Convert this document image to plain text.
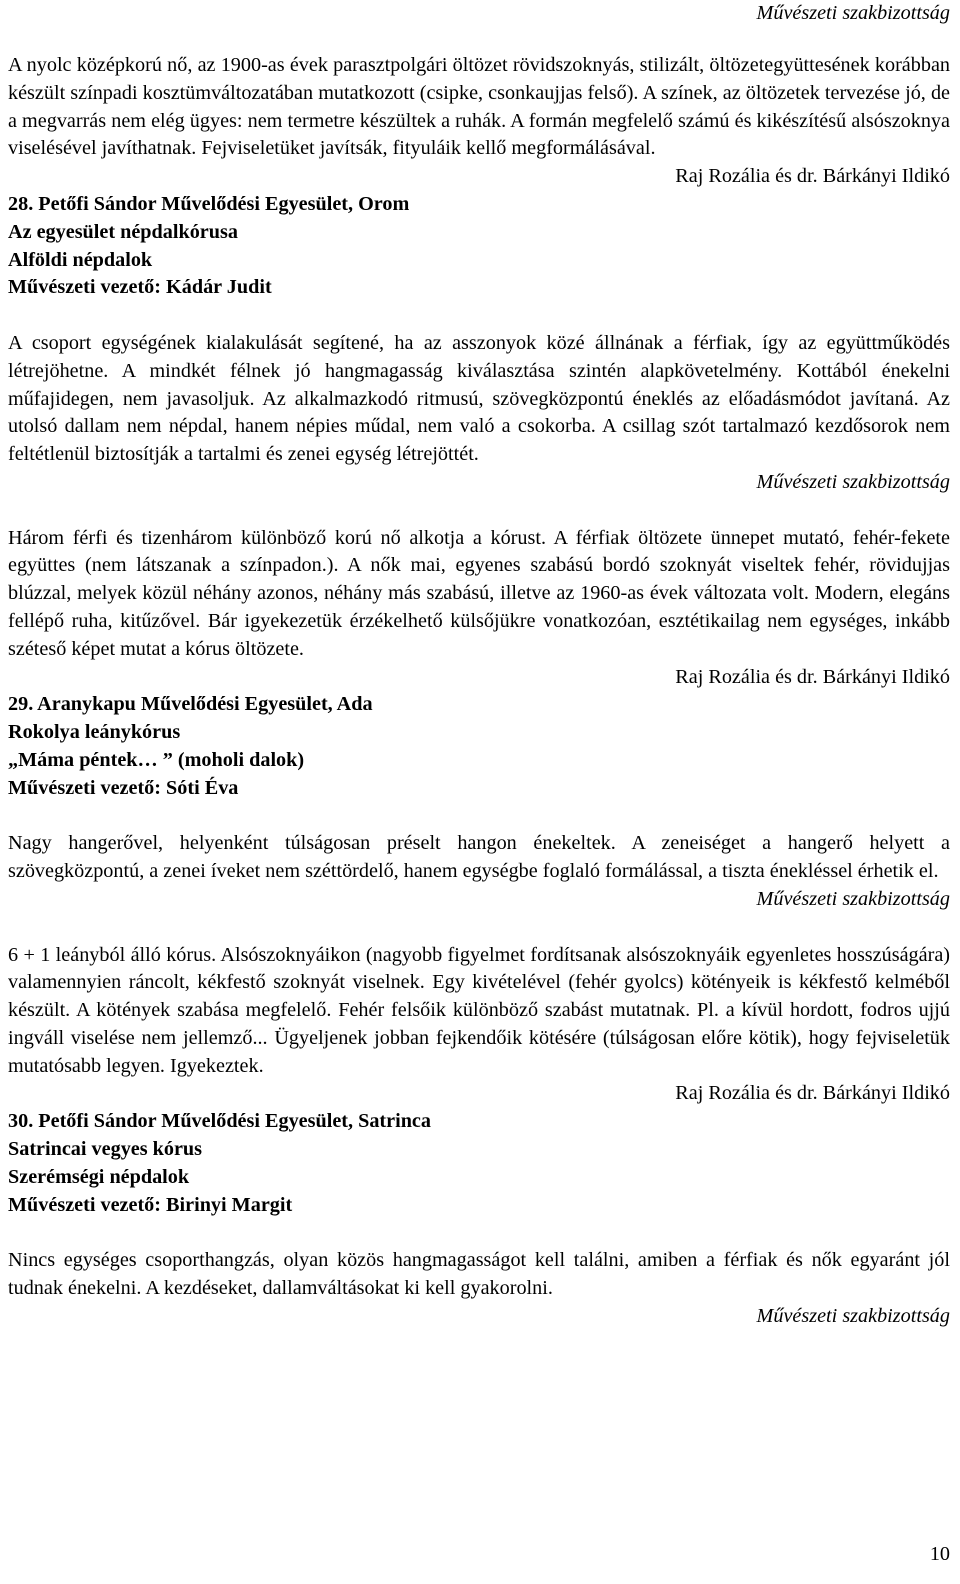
Művészeti szakbizottság

A nyolc középkorú nő, az 1900-as évek parasztpolgári öltözet rövidszoknyás, stilizált, öltözetegyüttesének korábban készült színpadi kosztümváltozatában mutatkozott (csipke, csonkaujjas felső). A színek, az öltözetek tervezése jó, de a megvarrás nem elég ügyes: nem termetre készültek a ruhák. A formán megfelelő számú és kikészítésű alsószoknya viselésével javíthatnak. Fejviseletüket javítsák, fityuláik kellő megformálásával.

Raj Rozália és dr. Bárkányi Ildikó
28. Petőfi Sándor Művelődési Egyesület, Orom
Az egyesület népdalkórusa
Alföldi népdalok
Művészeti vezető: Kádár Judit

A csoport egységének kialakulását segítené, ha az asszonyok közé állnának a férfiak, így az együttműködés létrejöhetne. A mindkét félnek jó hangmagasság kiválasztása szintén alapkövetelmény. Kottából énekelni műfajidegen, nem javasoljuk. Az alkalmazkodó ritmusú, szövegközpontú éneklés az előadásmódot javítaná. Az utolsó dallam nem népdal, hanem népies műdal, nem való a csokorba. A csillag szót tartalmazó kezdősorok nem feltétlenül biztosítják a tartalmi és zenei egység létrejöttét.

Művészeti szakbizottság

Három férfi és tizenhárom különböző korú nő alkotja a kórust. A férfiak öltözete ünnepet mutató, fehér-fekete együttes (nem látszanak a színpadon.). A nők mai, egyenes szabású bordó szoknyát viseltek fehér, rövidujjas blúzzal, melyek közül néhány azonos, néhány más szabású, illetve az 1960-as évek változata volt. Modern, elegáns fellépő ruha, kitűzővel. Bár igyekezetük érzékelhető külsőjükre vonatkozóan, esztétikailag nem egységes, inkább széteső képet mutat a kórus öltözete.

Raj Rozália és dr. Bárkányi Ildikó
29. Aranykapu Művelődési Egyesület, Ada
Rokolya leánykórus
„Máma péntek… ” (moholi dalok)
Művészeti vezető: Sóti Éva

Nagy hangerővel, helyenként túlságosan préselt hangon énekeltek. A zeneiséget a hangerő helyett a szövegközpontú, a zenei íveket nem széttördelő, hanem egységbe foglaló formálással, a tiszta énekléssel érhetik el.

Művészeti szakbizottság

6 + 1 leányból álló kórus. Alsószoknyáikon (nagyobb figyelmet fordítsanak alsószoknyáik egyenletes hosszúságára) valamennyien ráncolt, kékfestő szoknyát viselnek. Egy kivételével (fehér gyolcs) kötényeik is kékfestő kelméből készült. A kötények szabása megfelelő. Fehér felsőik különböző szabást mutatnak. Pl. a kívül hordott, fodros ujjú ingváll viselése nem jellemző... Ügyeljenek jobban fejkendőik kötésére (túlságosan előre kötik), hogy fejviseletük mutatósabb legyen. Igyekeztek.

Raj Rozália és dr. Bárkányi Ildikó
30. Petőfi Sándor Művelődési Egyesület, Satrinca
Satrincai vegyes kórus
Szerémségi népdalok
Művészeti vezető: Birinyi Margit

Nincs egységes csoporthangzás, olyan közös hangmagasságot kell találni, amiben a férfiak és nők egyaránt jól tudnak énekelni. A kezdéseket, dallamváltásokat ki kell gyakorolni.

Művészeti szakbizottság
10
